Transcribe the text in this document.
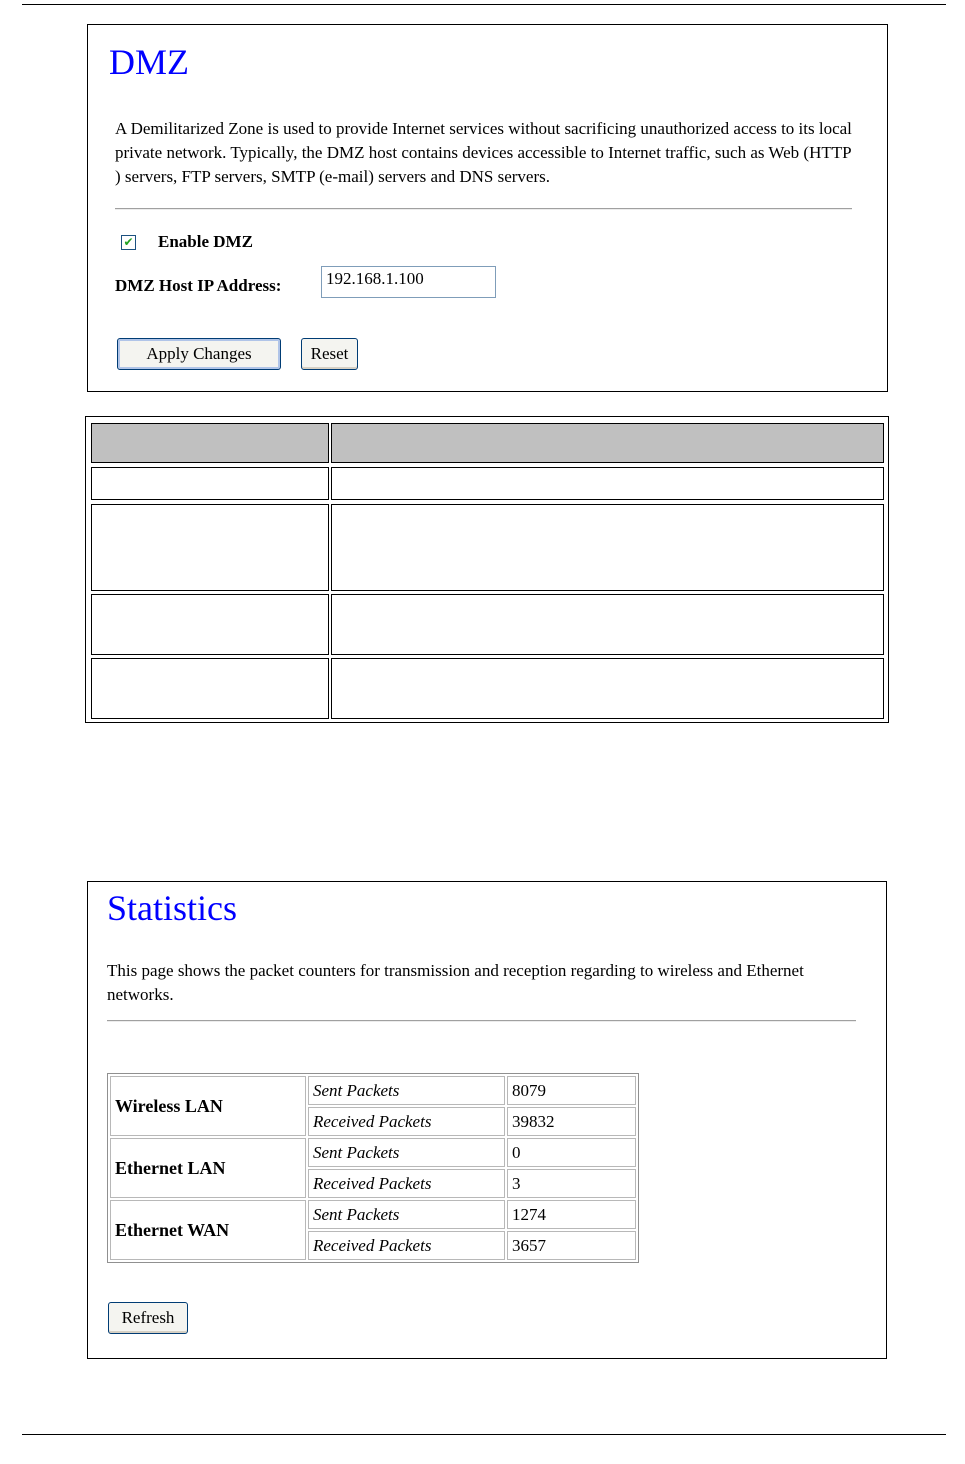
DMZ

A Demilitarized Zone is used to provide Internet services without sacrificing unauthorized access to its local private network. Typically, the DMZ host contains devices accessible to Internet traffic, such as Web (HTTP ) servers, FTP servers, SMTP (e-mail) servers and DNS servers.

✔ Enable DMZ
DMZ Host IP Address:	192.168.1.100
Apply Changes	Reset
Statistics

This page shows the packet counters for transmission and reception regarding to wireless and Ethernet networks.

Wireless LAN	Sent Packets	8079
	Received Packets	39832
Ethernet LAN	Sent Packets	0
	Received Packets	3
Ethernet WAN	Sent Packets	1274
	Received Packets	3657
Refresh
